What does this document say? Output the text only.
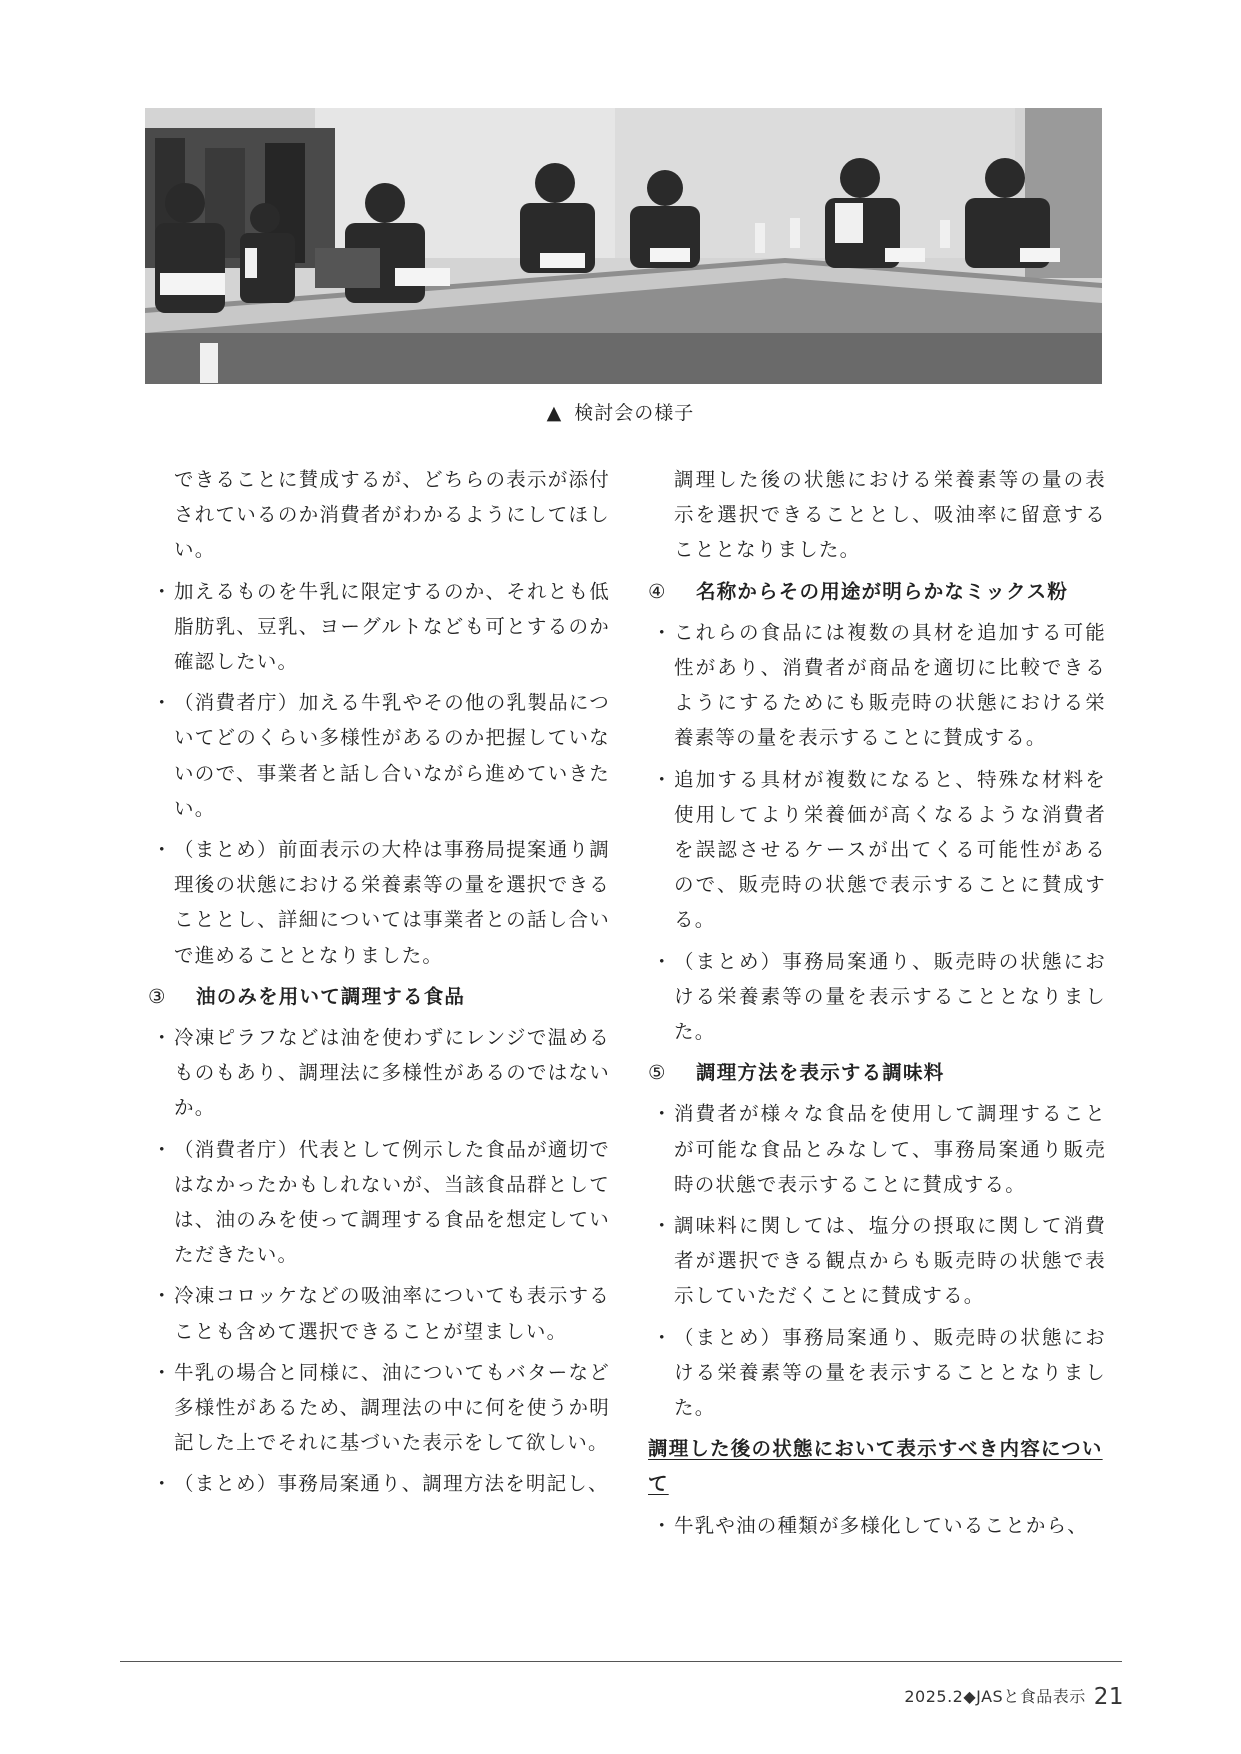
▲ 検討会の様子
できることに賛成するが、どちらの表示が添付されているのか消費者がわかるようにしてほしい。
・ 加えるものを牛乳に限定するのか、それとも低脂肪乳、豆乳、ヨーグルトなども可とするのか確認したい。
・ （消費者庁）加える牛乳やその他の乳製品についてどのくらい多様性があるのか把握していないので、事業者と話し合いながら進めていきたい。
・ （まとめ）前面表示の大枠は事務局提案通り調理後の状態における栄養素等の量を選択できることとし、詳細については事業者との話し合いで進めることとなりました。
③ 油のみを用いて調理する食品
・ 冷凍ピラフなどは油を使わずにレンジで温めるものもあり、調理法に多様性があるのではないか。
・ （消費者庁）代表として例示した食品が適切ではなかったかもしれないが、当該食品群としては、油のみを使って調理する食品を想定していただきたい。
・ 冷凍コロッケなどの吸油率についても表示することも含めて選択できることが望ましい。
・ 牛乳の場合と同様に、油についてもバターなど多様性があるため、調理法の中に何を使うか明記した上でそれに基づいた表示をして欲しい。
・ （まとめ）事務局案通り、調理方法を明記し、
調理した後の状態における栄養素等の量の表示を選択できることとし、吸油率に留意することとなりました。
④ 名称からその用途が明らかなミックス粉
・ これらの食品には複数の具材を追加する可能性があり、消費者が商品を適切に比較できるようにするためにも販売時の状態における栄養素等の量を表示することに賛成する。
・ 追加する具材が複数になると、特殊な材料を使用してより栄養価が高くなるような消費者を誤認させるケースが出てくる可能性があるので、販売時の状態で表示することに賛成する。
・ （まとめ）事務局案通り、販売時の状態における栄養素等の量を表示することとなりました。
⑤ 調理方法を表示する調味料
・ 消費者が様々な食品を使用して調理することが可能な食品とみなして、事務局案通り販売時の状態で表示することに賛成する。
・ 調味料に関しては、塩分の摂取に関して消費者が選択できる観点からも販売時の状態で表示していただくことに賛成する。
・ （まとめ）事務局案通り、販売時の状態における栄養素等の量を表示することとなりました。
調理した後の状態において表示すべき内容について
・ 牛乳や油の種類が多様化していることから、
2025.2◆JASと食品表示 21
